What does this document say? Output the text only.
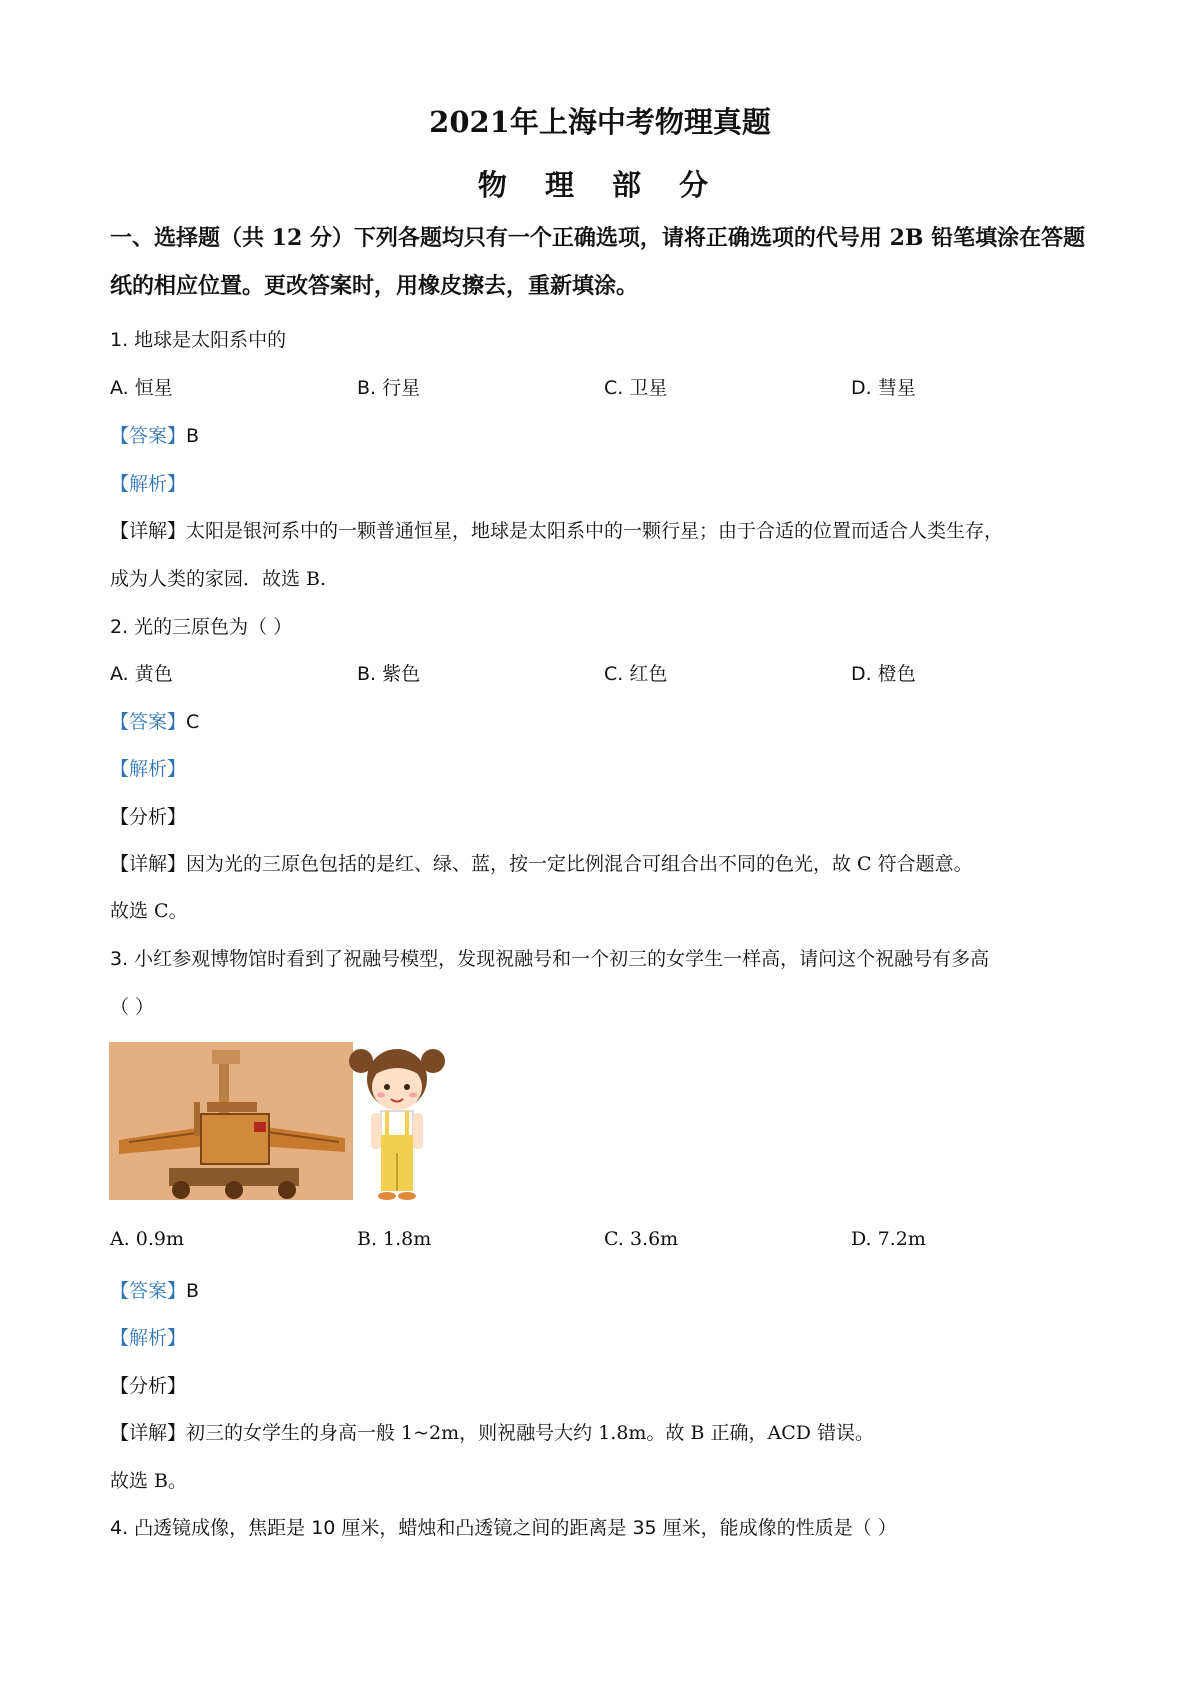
2021年上海中考物理真题
物 理 部 分
一、选择题（共 12 分）下列各题均只有一个正确选项，请将正确选项的代号用 2B 铅笔填涂在答题纸的相应位置。更改答案时，用橡皮擦去，重新填涂。
1. 地球是太阳系中的
A. 恒星	B. 行星	C. 卫星	D. 彗星
【答案】B
【解析】
【详解】太阳是银河系中的一颗普通恒星，地球是太阳系中的一颗行星；由于合适的位置而适合人类生存，
成为人类的家园．故选 B.
2. 光的三原色为（ ）
A. 黄色	B. 紫色	C. 红色	D. 橙色
【答案】C
【解析】
【分析】
【详解】因为光的三原色包括的是红、绿、蓝，按一定比例混合可组合出不同的色光，故 C 符合题意。
故选 C。
3. 小红参观博物馆时看到了祝融号模型，发现祝融号和一个初三的女学生一样高，请问这个祝融号有多高
（ ）
A. 0.9m	B. 1.8m	C. 3.6m	D. 7.2m
【答案】B
【解析】
【分析】
【详解】初三的女学生的身高一般 1~2m，则祝融号大约 1.8m。故 B 正确，ACD 错误。
故选 B。
4. 凸透镜成像，焦距是 10 厘米，蜡烛和凸透镜之间的距离是 35 厘米，能成像的性质是（ ）
